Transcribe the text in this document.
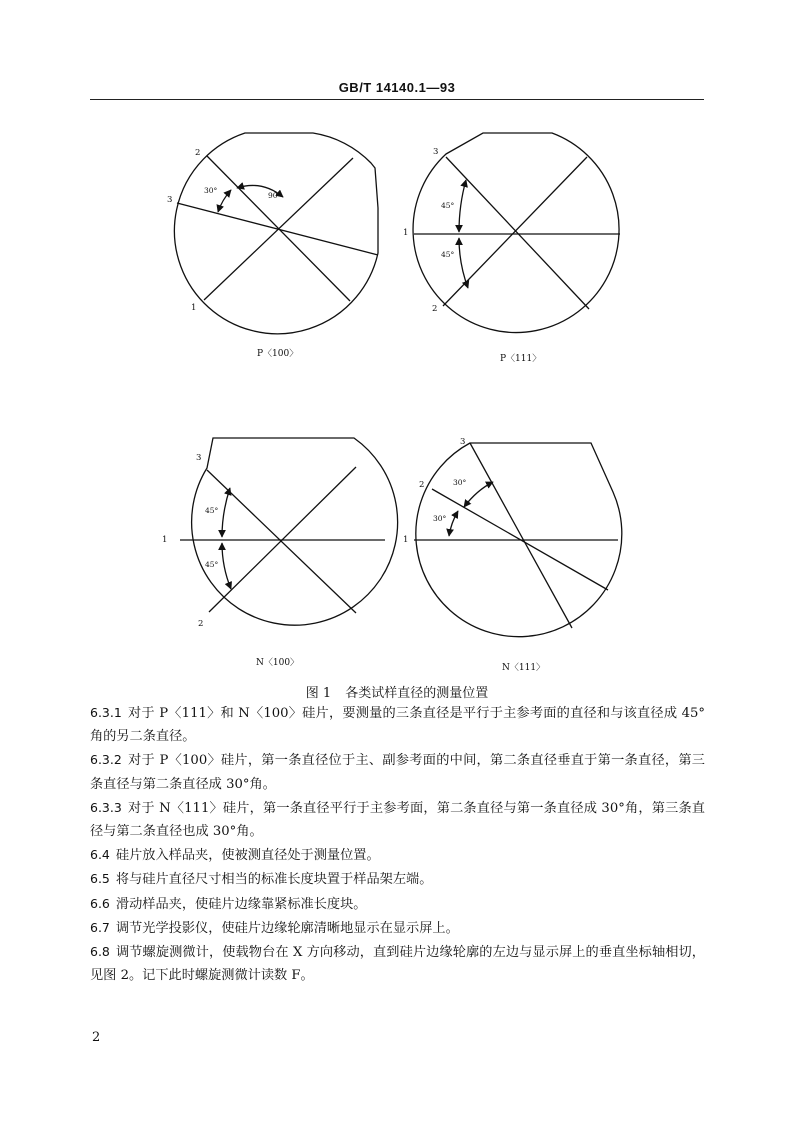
GB/T 14140.1—93
2
3
1
30°
90°
P〈100〉
3
1
2
45°
45°
P〈111〉
3
1
2
45°
45°
N〈100〉
3
2
1
30°
30°
N〈111〉
图 1 各类试样直径的测量位置

6.3.1 对于 P〈111〉和 N〈100〉硅片，要测量的三条直径是平行于主参考面的直径和与该直径成 45°角的另二条直径。

6.3.2 对于 P〈100〉硅片，第一条直径位于主、副参考面的中间，第二条直径垂直于第一条直径，第三条直径与第二条直径成 30°角。

6.3.3 对于 N〈111〉硅片，第一条直径平行于主参考面，第二条直径与第一条直径成 30°角，第三条直径与第二条直径也成 30°角。

6.4 硅片放入样品夹，使被测直径处于测量位置。

6.5 将与硅片直径尺寸相当的标准长度块置于样品架左端。

6.6 滑动样品夹，使硅片边缘靠紧标准长度块。

6.7 调节光学投影仪，使硅片边缘轮廓清晰地显示在显示屏上。

6.8 调节螺旋测微计，使载物台在 X 方向移动，直到硅片边缘轮廓的左边与显示屏上的垂直坐标轴相切，见图 2。记下此时螺旋测微计读数 F。

2
